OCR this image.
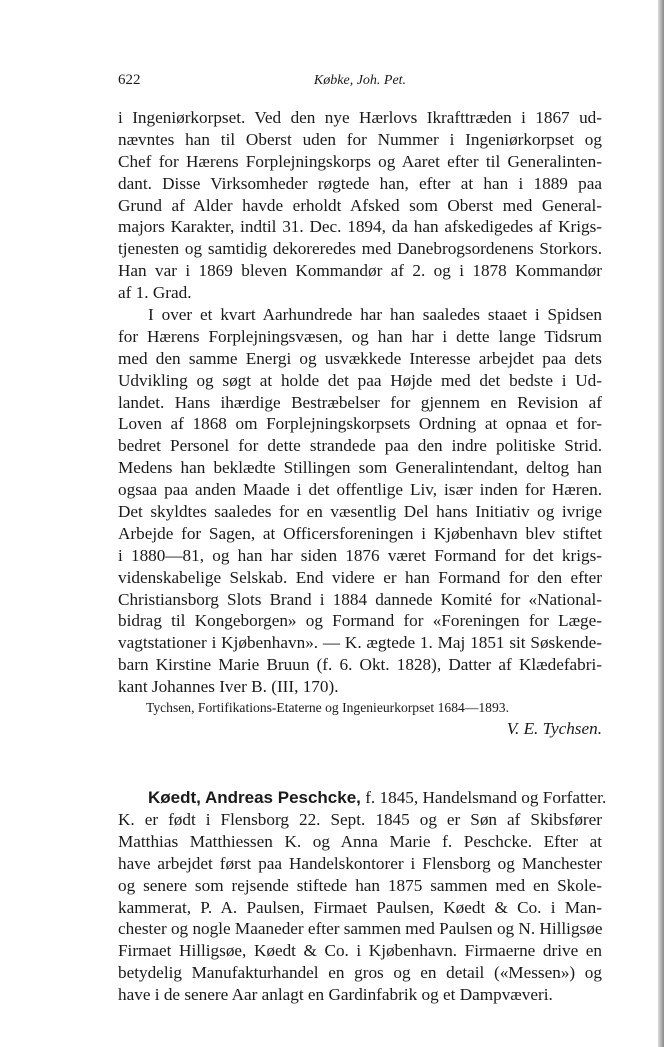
622	Købke, Joh. Pet.
i Ingeniørkorpset. Ved den nye Hærlovs Ikrafttræden i 1867 ud-
nævntes han til Oberst uden for Nummer i Ingeniørkorpset og
Chef for Hærens Forplejningskorps og Aaret efter til Generalinten-
dant. Disse Virksomheder røgtede han, efter at han i 1889 paa
Grund af Alder havde erholdt Afsked som Oberst med General-
majors Karakter, indtil 31. Dec. 1894, da han afskedigedes af Krigs-
tjenesten og samtidig dekoreredes med Danebrogsordenens Storkors.
Han var i 1869 bleven Kommandør af 2. og i 1878 Kommandør
af 1. Grad.
I over et kvart Aarhundrede har han saaledes staaet i Spidsen
for Hærens Forplejningsvæsen, og han har i dette lange Tidsrum
med den samme Energi og usvækkede Interesse arbejdet paa dets
Udvikling og søgt at holde det paa Højde med det bedste i Ud-
landet. Hans ihærdige Bestræbelser for gjennem en Revision af
Loven af 1868 om Forplejningskorpsets Ordning at opnaa et for-
bedret Personel for dette strandede paa den indre politiske Strid.
Medens han beklædte Stillingen som Generalintendant, deltog han
ogsaa paa anden Maade i det offentlige Liv, især inden for Hæren.
Det skyldtes saaledes for en væsentlig Del hans Initiativ og ivrige
Arbejde for Sagen, at Officersforeningen i Kjøbenhavn blev stiftet
i 1880—81, og han har siden 1876 været Formand for det krigs-
videnskabelige Selskab. End videre er han Formand for den efter
Christiansborg Slots Brand i 1884 dannede Komité for «National-
bidrag til Kongeborgen» og Formand for «Foreningen for Læge-
vagtstationer i Kjøbenhavn». — K. ægtede 1. Maj 1851 sit Søskende-
barn Kirstine Marie Bruun (f. 6. Okt. 1828), Datter af Klædefabri-
kant Johannes Iver B. (III, 170).
Tychsen, Fortifikations-Etaterne og Ingenieurkorpset 1684—1893.
V. E. Tychsen.
Køedt, Andreas Peschcke, f. 1845, Handelsmand og Forfatter.
K. er født i Flensborg 22. Sept. 1845 og er Søn af Skibsfører
Matthias Matthiessen K. og Anna Marie f. Peschcke. Efter at
have arbejdet først paa Handelskontorer i Flensborg og Manchester
og senere som rejsende stiftede han 1875 sammen med en Skole-
kammerat, P. A. Paulsen, Firmaet Paulsen, Køedt & Co. i Man-
chester og nogle Maaneder efter sammen med Paulsen og N. Hilligsøe
Firmaet Hilligsøe, Køedt & Co. i Kjøbenhavn. Firmaerne drive en
betydelig Manufakturhandel en gros og en detail («Messen») og
have i de senere Aar anlagt en Gardinfabrik og et Dampvæveri.
